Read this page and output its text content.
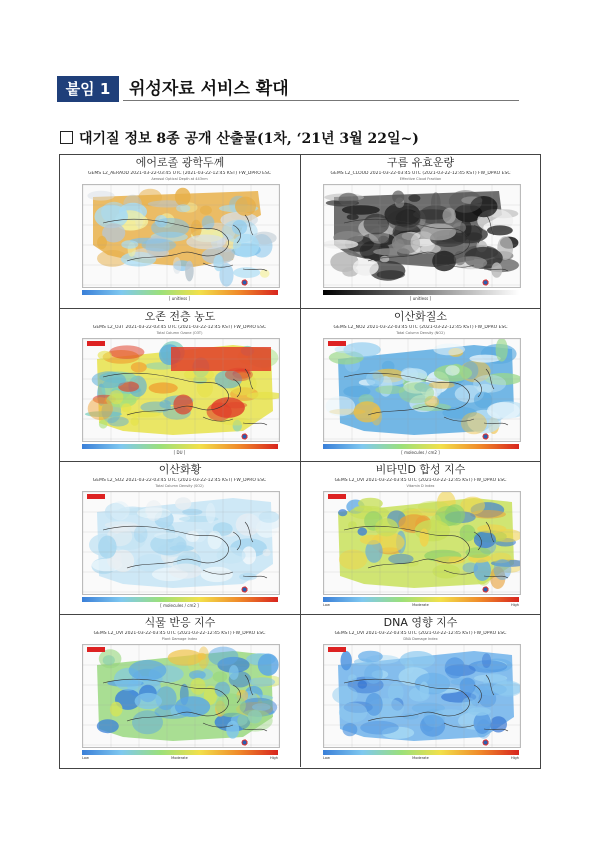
붙임 1	위성자료 서비스 확대
대기질 정보 8종 공개 산출물(1차, ‘21년 3월 22일~)
에어로졸 광학두께
GEMS L2_AERAOD 2021-03-22-03:45 UTC (2021-03-22-12:45 KST) FW_DPRO ESC
Aerosol Optical Depth at 443nm
[ unitless ]
구름 유효운량
GEMS L2_CLOUD 2021-03-22-03:45 UTC (2021-03-22-12:45 KST) FW_DPRO ESC
Effective Cloud Fraction
[ unitless ]
오존 전층 농도
GEMS L2_O3T 2021-03-22-03:45 UTC (2021-03-22-12:45 KST) FW_DPRO ESC
Total Column Ozone (O3T)
[ DU ]
이산화질소
GEMS L2_NO2 2021-03-22-03:45 UTC (2021-03-22-12:45 KST) FW_DPRO ESC
Total Column Density (NO2)
[ molecules / cm2 ]
이산화황
GEMS L2_SO2 2021-03-22-03:45 UTC (2021-03-22-12:45 KST) FW_DPRO ESC
Total Column Density (SO2)
[ molecules / cm2 ]
비타민D 합성 지수
GEMS L2_UVI 2021-03-22-03:45 UTC (2021-03-22-12:45 KST) FW_DPRO ESC
Vitamin D Index
Low	Moderate	High
식물 반응 지수
GEMS L2_UVI 2021-03-22-03:45 UTC (2021-03-22-12:45 KST) FW_DPRO ESC
Plant Damage Index
Low	Moderate	High
DNA 영향 지수
GEMS L2_UVI 2021-03-22-03:45 UTC (2021-03-22-12:45 KST) FW_DPRO ESC
DNA Damage Index
Low	Moderate	High
